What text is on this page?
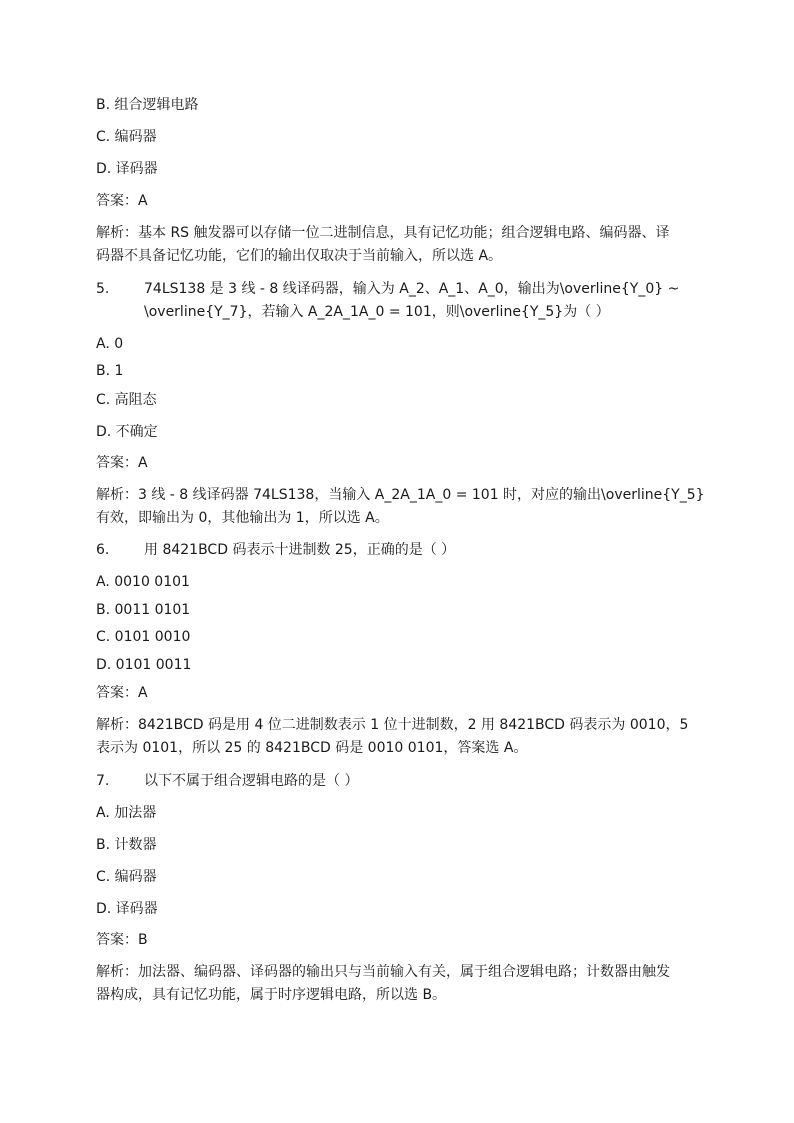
B. 组合逻辑电路
C. 编码器
D. 译码器
答案：A
解析：基本 RS 触发器可以存储一位二进制信息，具有记忆功能；组合逻辑电路、编码器、译
码器不具备记忆功能，它们的输出仅取决于当前输入，所以选 A。
5. 74LS138 是 3 线 - 8 线译码器，输入为 A_2、A_1、A_0，输出为\overline{Y_0} ~
\overline{Y_7}，若输入 A_2A_1A_0 = 101，则\overline{Y_5}为（ ）
A. 0
B. 1
C. 高阻态
D. 不确定
答案：A
解析：3 线 - 8 线译码器 74LS138，当输入 A_2A_1A_0 = 101 时，对应的输出\overline{Y_5}
有效，即输出为 0，其他输出为 1，所以选 A。
6. 用 8421BCD 码表示十进制数 25，正确的是（ ）
A. 0010 0101
B. 0011 0101
C. 0101 0010
D. 0101 0011
答案：A
解析：8421BCD 码是用 4 位二进制数表示 1 位十进制数，2 用 8421BCD 码表示为 0010，5
表示为 0101，所以 25 的 8421BCD 码是 0010 0101，答案选 A。
7. 以下不属于组合逻辑电路的是（ ）
A. 加法器
B. 计数器
C. 编码器
D. 译码器
答案：B
解析：加法器、编码器、译码器的输出只与当前输入有关，属于组合逻辑电路；计数器由触发
器构成，具有记忆功能，属于时序逻辑电路，所以选 B。
